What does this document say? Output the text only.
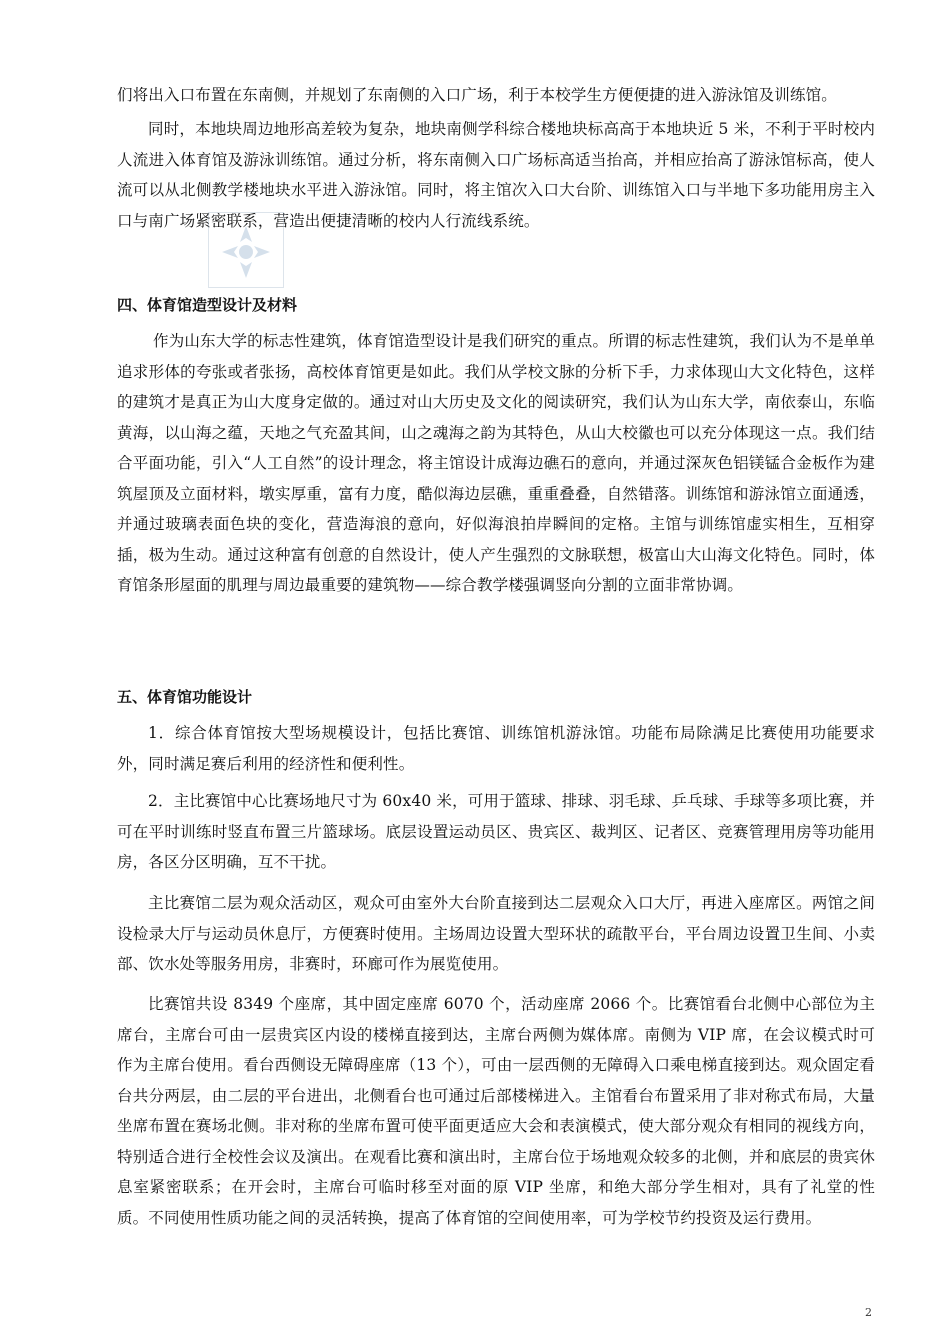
们将出入口布置在东南侧，并规划了东南侧的入口广场，利于本校学生方便便捷的进入游泳馆及训练馆。

同时，本地块周边地形高差较为复杂，地块南侧学科综合楼地块标高高于本地块近 5 米，不利于平时校内人流进入体育馆及游泳训练馆。通过分析，将东南侧入口广场标高适当抬高，并相应抬高了游泳馆标高，使人流可以从北侧教学楼地块水平进入游泳馆。同时，将主馆次入口大台阶、训练馆入口与半地下多功能用房主入口与南广场紧密联系，营造出便捷清晰的校内人行流线系统。

四、体育馆造型设计及材料

作为山东大学的标志性建筑，体育馆造型设计是我们研究的重点。所谓的标志性建筑，我们认为不是单单追求形体的夸张或者张扬，高校体育馆更是如此。我们从学校文脉的分析下手，力求体现山大文化特色，这样的建筑才是真正为山大度身定做的。通过对山大历史及文化的阅读研究，我们认为山东大学，南依泰山，东临黄海，以山海之蕴，天地之气充盈其间，山之魂海之韵为其特色，从山大校徽也可以充分体现这一点。我们结合平面功能，引入“人工自然”的设计理念，将主馆设计成海边礁石的意向，并通过深灰色铝镁锰合金板作为建筑屋顶及立面材料，墩实厚重，富有力度，酷似海边层礁，重重叠叠，自然错落。训练馆和游泳馆立面通透，并通过玻璃表面色块的变化，营造海浪的意向，好似海浪拍岸瞬间的定格。主馆与训练馆虚实相生，互相穿插，极为生动。通过这种富有创意的自然设计，使人产生强烈的文脉联想，极富山大山海文化特色。同时，体育馆条形屋面的肌理与周边最重要的建筑物——综合教学楼强调竖向分割的立面非常协调。

五、体育馆功能设计

1．综合体育馆按大型场规模设计，包括比赛馆、训练馆机游泳馆。功能布局除满足比赛使用功能要求外，同时满足赛后利用的经济性和便利性。

2．主比赛馆中心比赛场地尺寸为 60x40 米，可用于篮球、排球、羽毛球、乒乓球、手球等多项比赛，并可在平时训练时竖直布置三片篮球场。底层设置运动员区、贵宾区、裁判区、记者区、竞赛管理用房等功能用房，各区分区明确，互不干扰。

主比赛馆二层为观众活动区，观众可由室外大台阶直接到达二层观众入口大厅，再进入座席区。两馆之间设检录大厅与运动员休息厅，方便赛时使用。主场周边设置大型环状的疏散平台，平台周边设置卫生间、小卖部、饮水处等服务用房，非赛时，环廊可作为展览使用。

比赛馆共设 8349 个座席，其中固定座席 6070 个，活动座席 2066 个。比赛馆看台北侧中心部位为主席台，主席台可由一层贵宾区内设的楼梯直接到达，主席台两侧为媒体席。南侧为 VIP 席，在会议模式时可作为主席台使用。看台西侧设无障碍座席（13 个），可由一层西侧的无障碍入口乘电梯直接到达。观众固定看台共分两层，由二层的平台进出，北侧看台也可通过后部楼梯进入。主馆看台布置采用了非对称式布局，大量坐席布置在赛场北侧。非对称的坐席布置可使平面更适应大会和表演模式，使大部分观众有相同的视线方向，特别适合进行全校性会议及演出。在观看比赛和演出时，主席台位于场地观众较多的北侧，并和底层的贵宾休息室紧密联系；在开会时，主席台可临时移至对面的原 VIP 坐席，和绝大部分学生相对，具有了礼堂的性质。不同使用性质功能之间的灵活转换，提高了体育馆的空间使用率，可为学校节约投资及运行费用。

2
